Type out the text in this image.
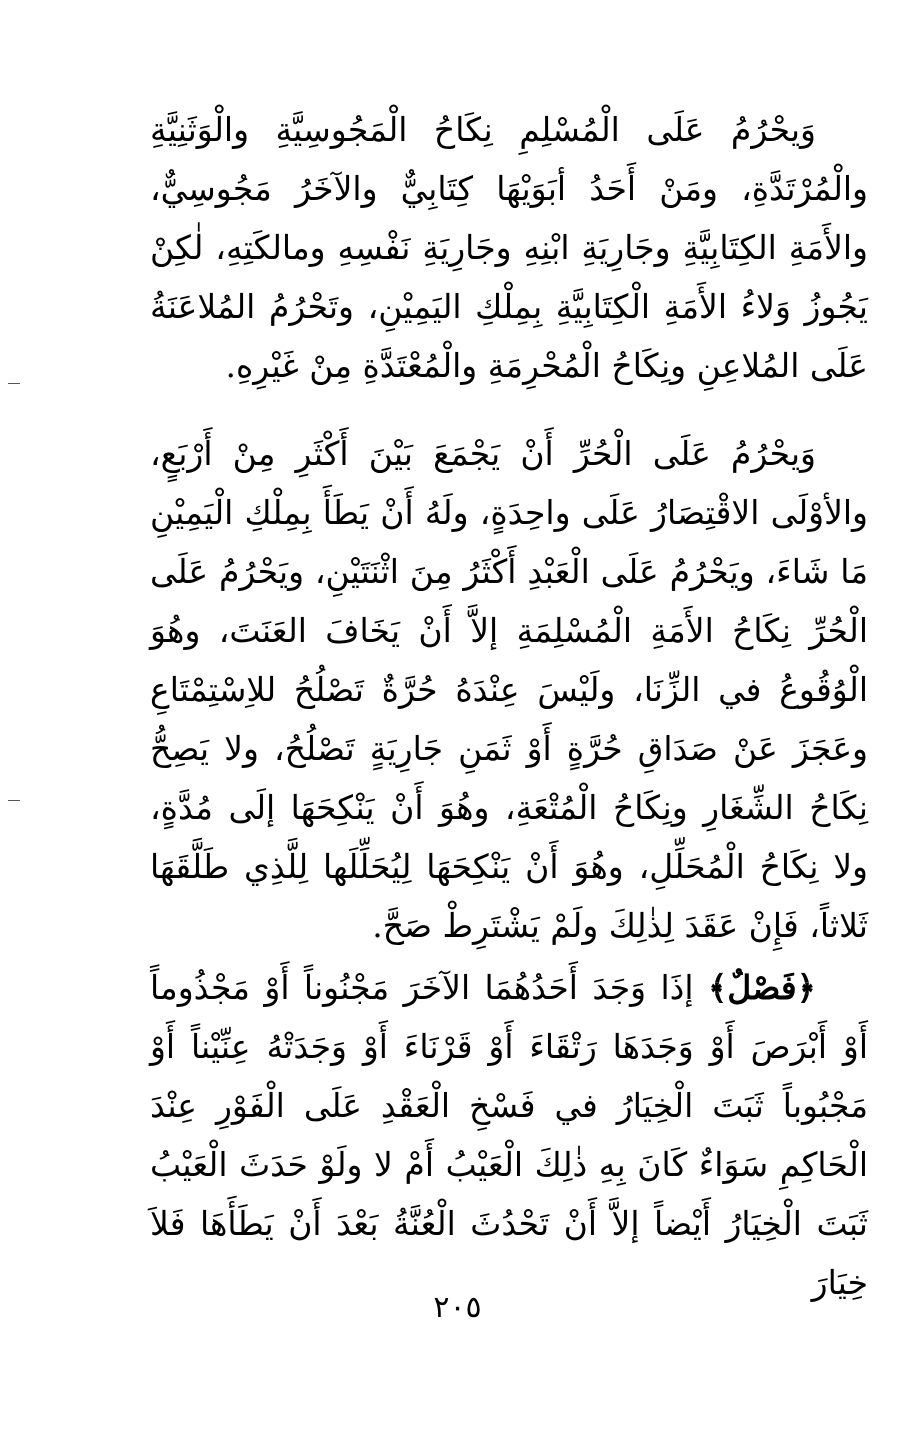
وَيحْرُمُ عَلَى الْمُسْلِمِ نِكَاحُ الْمَجُوسِيَّةِ والْوَثَنِيَّةِ والْمُرْتَدَّةِ، ومَنْ أَحَدُ أبَوَيْهَا كِتَابِيٌّ والآخَرُ مَجُوسِيٌّ، والأَمَةِ الكِتَابِيَّةِ وجَارِيَةِ ابْنِهِ وجَارِيَةِ نَفْسِهِ ومالكَتِهِ، لٰكِنْ يَجُوزُ وَلاءُ الأَمَةِ الْكِتَابِيَّةِ بِمِلْكِ اليَمِيْنِ، وتَحْرُمُ المُلاعَنَةُ عَلَى المُلاعِنِ ونِكَاحُ الْمُحْرِمَةِ والْمُعْتَدَّةِ مِنْ غَيْرِهِ.

وَيحْرُمُ عَلَى الْحُرِّ أَنْ يَجْمَعَ بَيْنَ أَكْثَرِ مِنْ أَرْبَعٍ، والأوْلَى الاقْتِصَارُ عَلَى واحِدَةٍ، ولَهُ أَنْ يَطَأَ بِمِلْكِ الْيَمِيْنِ مَا شَاءَ، ويَحْرُمُ عَلَى الْعَبْدِ أَكْثَرُ مِنَ اثْنَتَيْنِ، ويَحْرُمُ عَلَى الْحُرِّ نِكَاحُ الأَمَةِ الْمُسْلِمَةِ إلاَّ أَنْ يَخَافَ العَنَتَ، وهُوَ الْوُقُوعُ في الزِّنَا، ولَيْسَ عِنْدَهُ حُرَّةٌ تَصْلُحُ للاِسْتِمْتَاعِ وعَجَزَ عَنْ صَدَاقِ حُرَّةٍ أَوْ ثَمَنِ جَارِيَةٍ تَصْلُحُ، ولا يَصِحُّ نِكَاحُ الشِّغَارِ ونِكَاحُ الْمُتْعَةِ، وهُوَ أَنْ يَنْكِحَهَا إلَى مُدَّةٍ، ولا نِكَاحُ الْمُحَلِّلِ، وهُوَ أَنْ يَنْكِحَهَا لِيُحَلِّلَها لِلَّذِي طَلَّقَهَا ثَلاثاً، فَإِنْ عَقَدَ لِذٰلِكَ ولَمْ يَشْتَرِطْ صَحَّ.

﴿فَصْلٌ﴾ إذَا وَجَدَ أَحَدُهُمَا الآخَرَ مَجْنُوناً أَوْ مَجْذُوماً أَوْ أَبْرَصَ أَوْ وَجَدَهَا رَتْقَاءَ أَوْ قَرْنَاءَ أَوْ وَجَدَتْهُ عِنِّيْناً أَوْ مَجْبُوباً ثَبَتَ الْخِيَارُ في فَسْخِ الْعَقْدِ عَلَى الْفَوْرِ عِنْدَ الْحَاكِمِ سَوَاءٌ كَانَ بِهِ ذٰلِكَ الْعَيْبُ أَمْ لا ولَوْ حَدَثَ الْعَيْبُ ثَبَتَ الْخِيَارُ أَيْضاً إلاَّ أَنْ تَحْدُثَ الْعُنَّةُ بَعْدَ أَنْ يَطَأَهَا فَلاَ خِيَارَ

٢٠٥
